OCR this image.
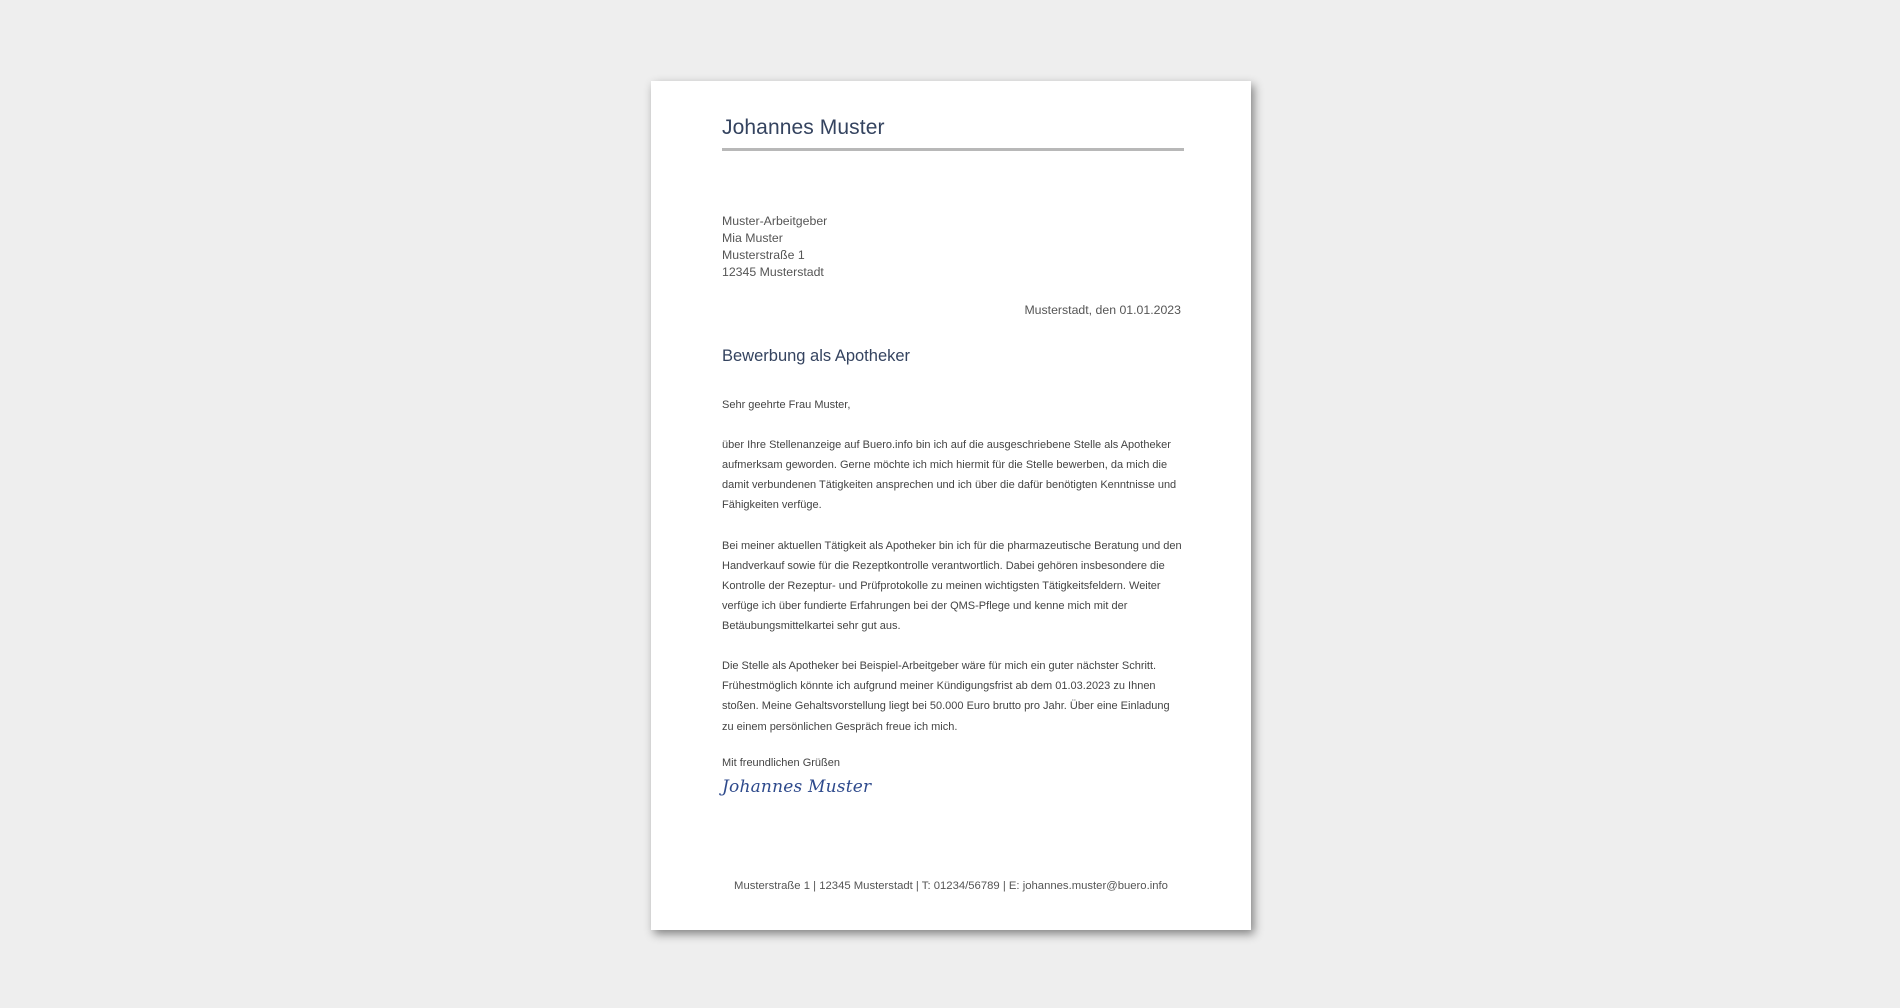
Johannes Muster
Muster-Arbeitgeber
Mia Muster
Musterstraße 1
12345 Musterstadt
Musterstadt, den 01.01.2023
Bewerbung als Apotheker

Sehr geehrte Frau Muster,

über Ihre Stellenanzeige auf Buero.info bin ich auf die ausgeschriebene Stelle als Apotheker aufmerksam geworden. Gerne möchte ich mich hiermit für die Stelle bewerben, da mich die damit verbundenen Tätigkeiten ansprechen und ich über die dafür benötigten Kenntnisse und Fähigkeiten verfüge.

Bei meiner aktuellen Tätigkeit als Apotheker bin ich für die pharmazeutische Beratung und den Handverkauf sowie für die Rezeptkontrolle verantwortlich. Dabei gehören insbesondere die Kontrolle der Rezeptur- und Prüfprotokolle zu meinen wichtigsten Tätigkeitsfeldern. Weiter verfüge ich über fundierte Erfahrungen bei der QMS-Pflege und kenne mich mit der Betäubungsmittelkartei sehr gut aus.

Die Stelle als Apotheker bei Beispiel-Arbeitgeber wäre für mich ein guter nächster Schritt. Frühestmöglich könnte ich aufgrund meiner Kündigungsfrist ab dem 01.03.2023 zu Ihnen stoßen. Meine Gehaltsvorstellung liegt bei 50.000 Euro brutto pro Jahr. Über eine Einladung zu einem persönlichen Gespräch freue ich mich.

Mit freundlichen Grüßen
Johannes Muster
Musterstraße 1 | 12345 Musterstadt | T: 01234/56789 | E: johannes.muster@buero.info
